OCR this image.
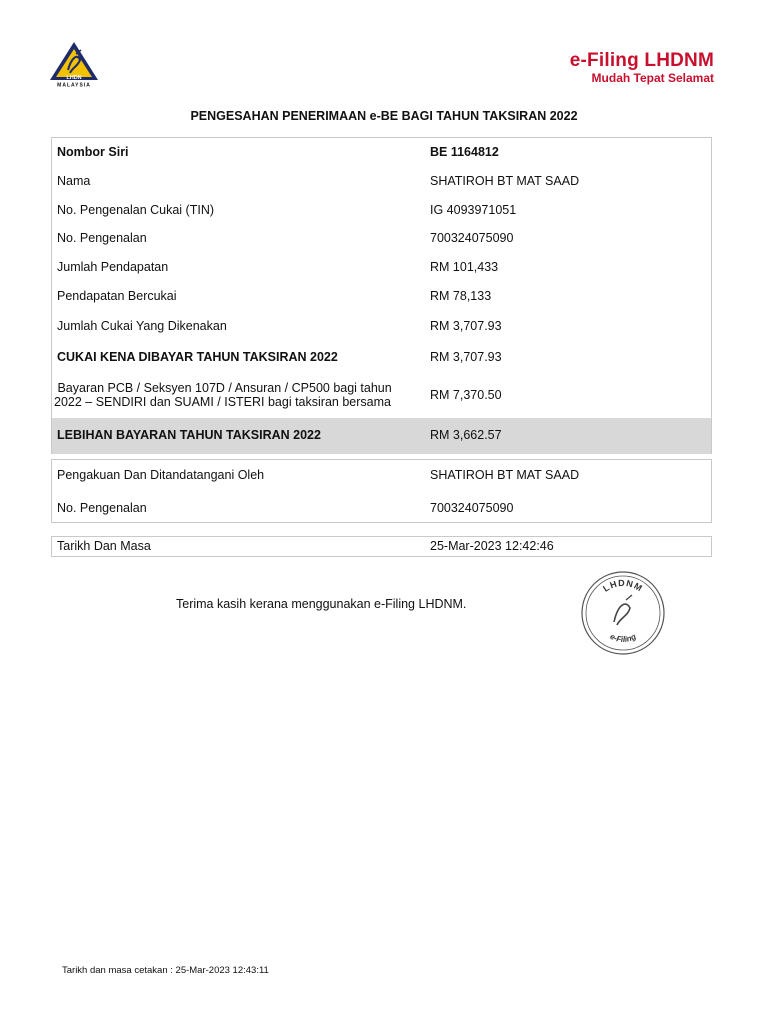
LHDN
MALAYSIA
e-Filing LHDNM
Mudah Tepat Selamat
PENGESAHAN PENERIMAAN e-BE BAGI TAHUN TAKSIRAN 2022
Nombor Siri	BE 1164812
Nama	SHATIROH BT MAT SAAD
No. Pengenalan Cukai (TIN)	IG 4093971051
No. Pengenalan	700324075090
Jumlah Pendapatan	RM 101,433
Pendapatan Bercukai	RM 78,133
Jumlah Cukai Yang Dikenakan	RM 3,707.93
CUKAI KENA DIBAYAR TAHUN TAKSIRAN 2022	RM 3,707.93
Bayaran PCB / Seksyen 107D / Ansuran / CP500 bagi tahun
2022 – SENDIRI dan SUAMI / ISTERI bagi taksiran bersama	RM 7,370.50
LEBIHAN BAYARAN TAHUN TAKSIRAN 2022	RM 3,662.57
Pengakuan Dan Ditandatangani Oleh	SHATIROH BT MAT SAAD
No. Pengenalan	700324075090
Tarikh Dan Masa	25-Mar-2023 12:42:46
Terima kasih kerana menggunakan e-Filing LHDNM.
LHDNM
e-Filing
Tarikh dan masa cetakan : 25-Mar-2023 12:43:11
